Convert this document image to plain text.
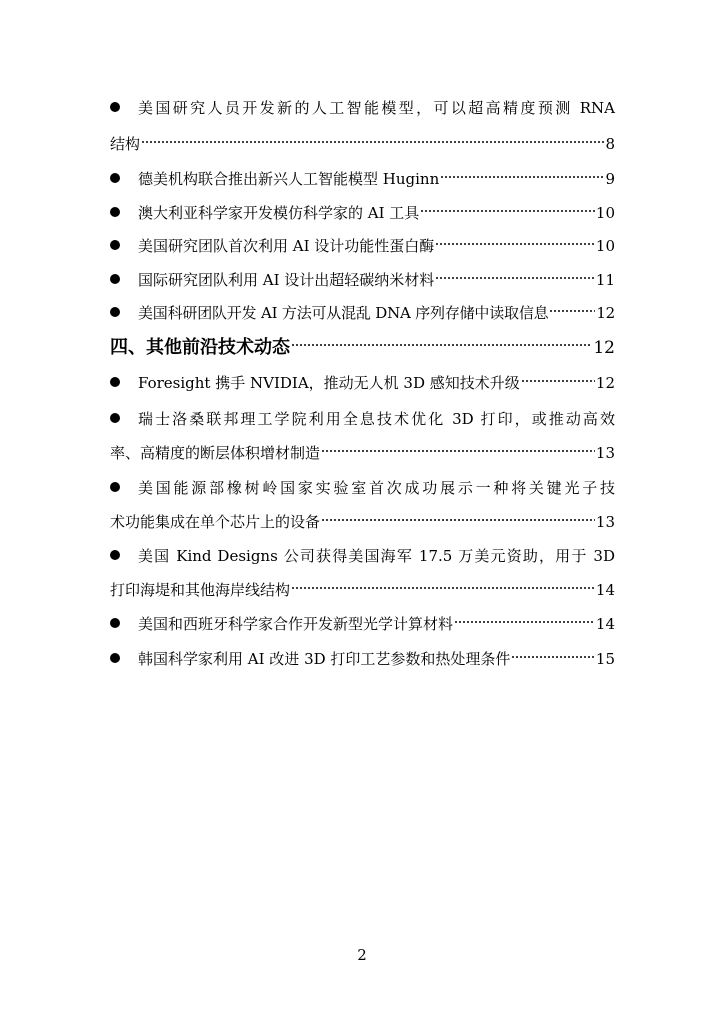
美国研究人员开发新的人工智能模型，可以超高精度预测 RNA
结构	8
德美机构联合推出新兴人工智能模型 Huginn	9
澳大利亚科学家开发模仿科学家的 AI 工具	10
美国研究团队首次利用 AI 设计功能性蛋白酶	10
国际研究团队利用 AI 设计出超轻碳纳米材料	11
美国科研团队开发 AI 方法可从混乱 DNA 序列存储中读取信息	12
四、其他前沿技术动态	12
Foresight 携手 NVIDIA，推动无人机 3D 感知技术升级	12
瑞士洛桑联邦理工学院利用全息技术优化 3D 打印，或推动高效
率、高精度的断层体积增材制造	13
美国能源部橡树岭国家实验室首次成功展示一种将关键光子技
术功能集成在单个芯片上的设备	13
美国 Kind Designs 公司获得美国海军 17.5 万美元资助，用于 3D
打印海堤和其他海岸线结构	14
美国和西班牙科学家合作开发新型光学计算材料	14
韩国科学家利用 AI 改进 3D 打印工艺参数和热处理条件	15
2
